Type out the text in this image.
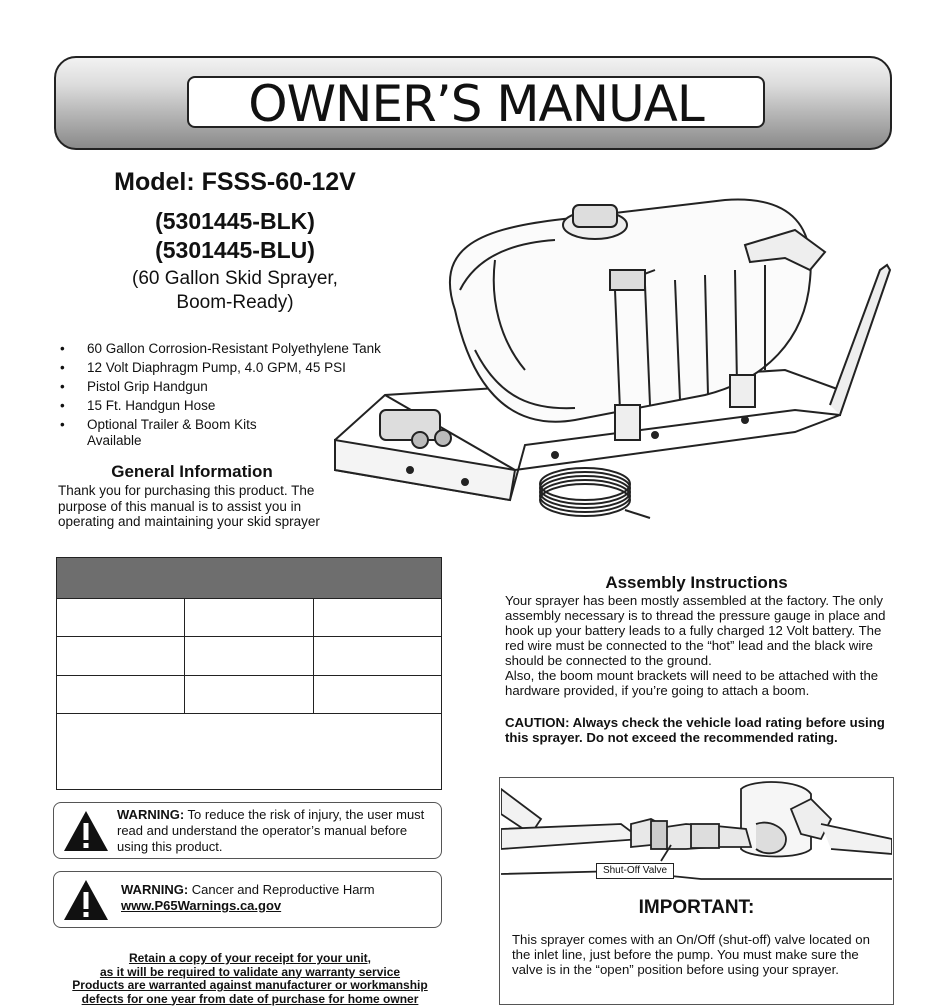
OWNER’S MANUAL
Model: FSSS-60-12V
(5301445-BLK)
(5301445-BLU)
(60 Gallon Skid Sprayer,
Boom-Ready)
• 60 Gallon Corrosion-Resistant Polyethylene Tank
• 12 Volt Diaphragm Pump, 4.0 GPM, 45 PSI
• Pistol Grip Handgun
• 15 Ft. Handgun Hose
• Optional Trailer & Boom Kits Available
General Information
Thank you for purchasing this product. The purpose of this manual is to assist you in operating and maintaining your skid sprayer
WARNING: To reduce the risk of injury, the user must read and understand the operator’s manual before using this product.
WARNING: Cancer and Reproductive Harm
www.P65Warnings.ca.gov
Retain a copy of your receipt for your unit,
as it will be required to validate any warranty service
Products are warranted against manufacturer or workmanship
defects for one year from date of purchase for home owner
Assembly Instructions
Your sprayer has been mostly assembled at the factory. The only assembly necessary is to thread the pressure gauge in place and hook up your battery leads to a fully charged 12 Volt battery. The red wire must be connected to the “hot” lead and the black wire should be connected to the ground.
Also, the boom mount brackets will need to be attached with the hardware provided, if you’re going to attach a boom.
CAUTION: Always check the vehicle load rating before using this sprayer. Do not exceed the recommended rating.
Shut-Off Valve
IMPORTANT:
This sprayer comes with an On/Off (shut-off) valve located on the inlet line, just before the pump. You must make sure the valve is in the “open” position before using your sprayer.
